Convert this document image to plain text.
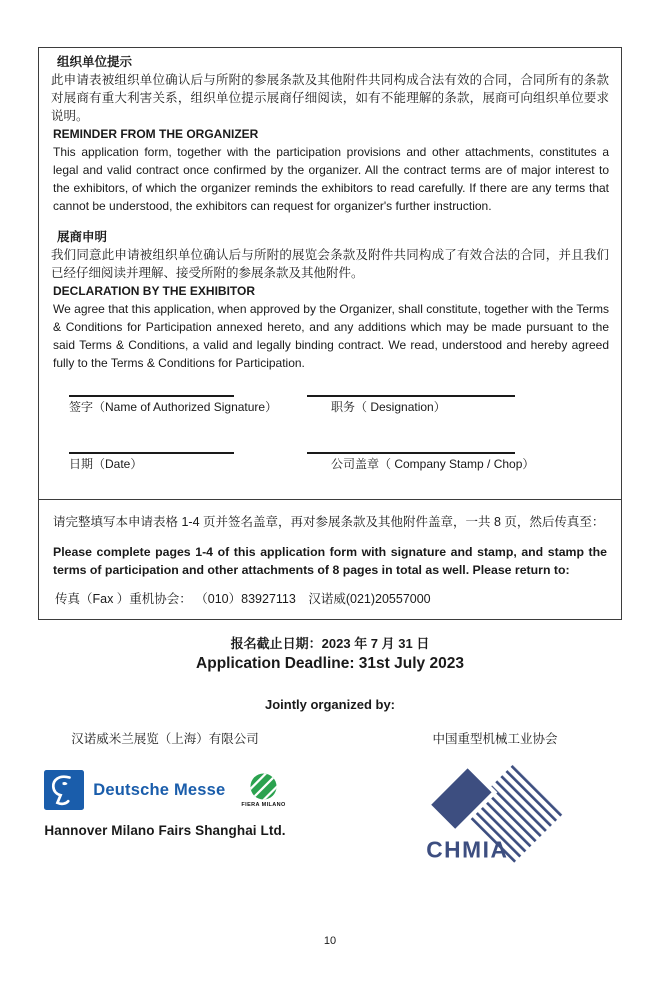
组织单位提示

此申请表被组织单位确认后与所附的参展条款及其他附件共同构成合法有效的合同，合同所有的条款对展商有重大利害关系，组织单位提示展商仔细阅读，如有不能理解的条款，展商可向组织单位要求说明。

REMINDER FROM THE ORGANIZER

This application form, together with the participation provisions and other attachments, constitutes a legal and valid contract once confirmed by the organizer. All the contract terms are of major interest to the exhibitors, of which the organizer reminds the exhibitors to read carefully. If there are any terms that cannot be understood, the exhibitors can request for organizer's further instruction.

展商申明

我们同意此申请被组织单位确认后与所附的展览会条款及附件共同构成了有效合法的合同，并且我们已经仔细阅读并理解、接受所附的参展条款及其他附件。

DECLARATION BY THE EXHIBITOR

We agree that this application, when approved by the Organizer, shall constitute, together with the Terms & Conditions for Participation annexed hereto, and any additions which may be made pursuant to the said Terms & Conditions, a valid and legally binding contract. We read, understood and hereby agreed fully to the Terms & Conditions for Participation.

签字（Name of Authorized Signature）	职务（ Designation）
日期（Date）	公司盖章（ Company Stamp / Chop）

请完整填写本申请表格 1-4 页并签名盖章，再对参展条款及其他附件盖章，一共 8 页，然后传真至：

Please complete pages 1-4 of this application form with signature and stamp, and stamp the terms of participation and other attachments of 8 pages in total as well. Please return to:

传真（Fax ）重机协会： （010）83927113　汉诺威(021)20557000

报名截止日期：2023 年 7 月 31 日
Application Deadline: 31st July 2023
Jointly organized by:
汉诺威米兰展览（上海）有限公司
Deutsche Messe
FIERA MILANO
Hannover Milano Fairs Shanghai Ltd.
中国重型机械工业协会
CHMIA
10
